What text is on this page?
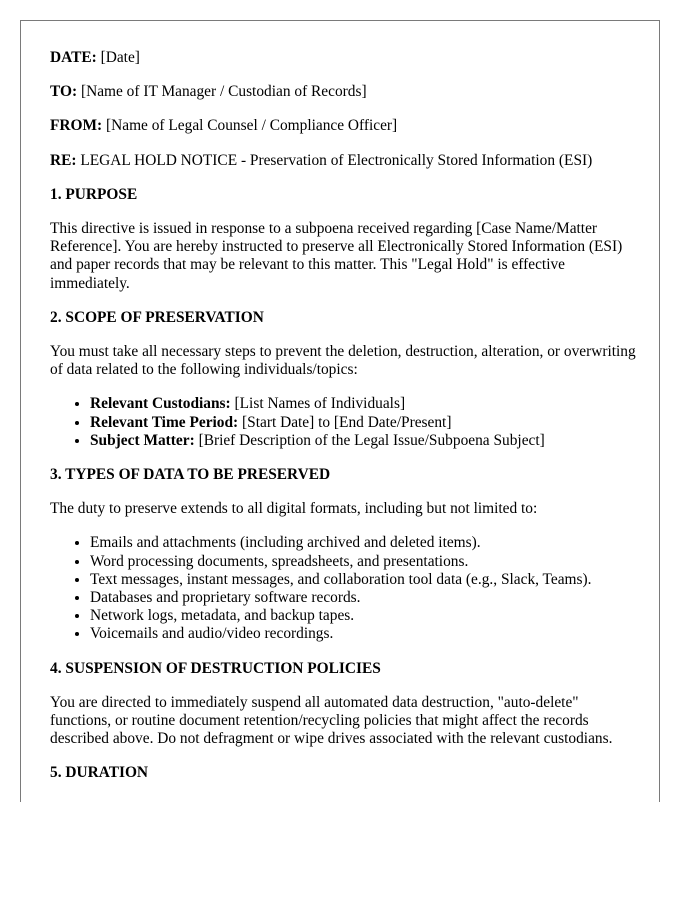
DATE: [Date]

TO: [Name of IT Manager / Custodian of Records]

FROM: [Name of Legal Counsel / Compliance Officer]

RE: LEGAL HOLD NOTICE - Preservation of Electronically Stored Information (ESI)

1. PURPOSE

This directive is issued in response to a subpoena received regarding [Case Name/Matter Reference]. You are hereby instructed to preserve all Electronically Stored Information (ESI) and paper records that may be relevant to this matter. This "Legal Hold" is effective immediately.

2. SCOPE OF PRESERVATION

You must take all necessary steps to prevent the deletion, destruction, alteration, or overwriting of data related to the following individuals/topics:

• Relevant Custodians: [List Names of Individuals]
• Relevant Time Period: [Start Date] to [End Date/Present]
• Subject Matter: [Brief Description of the Legal Issue/Subpoena Subject]
3. TYPES OF DATA TO BE PRESERVED

The duty to preserve extends to all digital formats, including but not limited to:

• Emails and attachments (including archived and deleted items).
• Word processing documents, spreadsheets, and presentations.
• Text messages, instant messages, and collaboration tool data (e.g., Slack, Teams).
• Databases and proprietary software records.
• Network logs, metadata, and backup tapes.
• Voicemails and audio/video recordings.
4. SUSPENSION OF DESTRUCTION POLICIES

You are directed to immediately suspend all automated data destruction, "auto-delete" functions, or routine document retention/recycling policies that might affect the records described above. Do not defragment or wipe drives associated with the relevant custodians.

5. DURATION
